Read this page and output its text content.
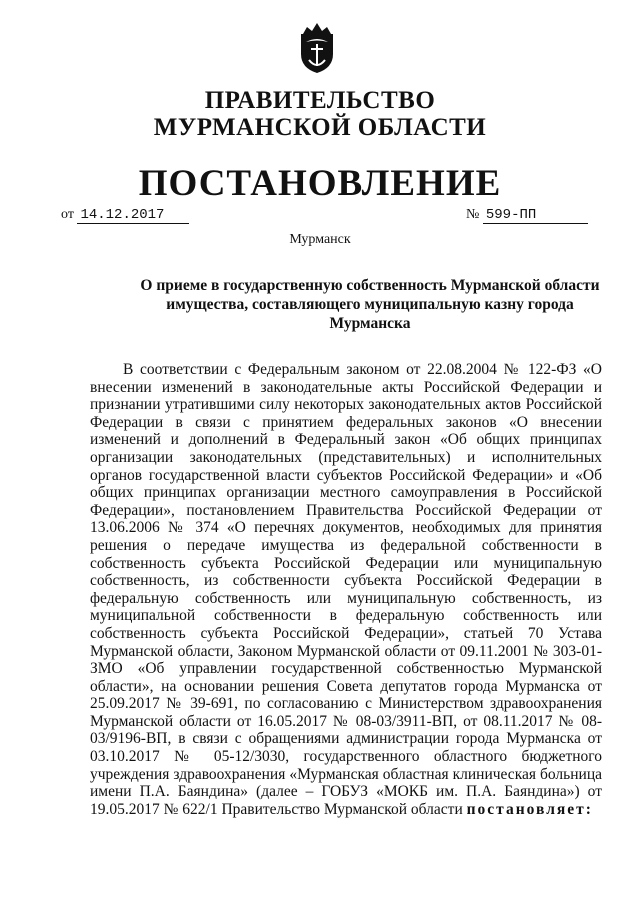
ПРАВИТЕЛЬСТВО
МУРМАНСКОЙ ОБЛАСТИ
ПОСТАНОВЛЕНИЕ
от 14.12.2017	№ 599-ПП
Мурманск
О приеме в государственную собственность Мурманской области имущества, составляющего муниципальную казну города Мурманска
В соответствии с Федеральным законом от 22.08.2004 № 122-ФЗ «О внесении изменений в законодательные акты Российской Федерации и признании утратившими силу некоторых законодательных актов Российской Федерации в связи с принятием федеральных законов «О внесении изменений и дополнений в Федеральный закон «Об общих принципах организации законодательных (представительных) и исполнительных органов государственной власти субъектов Российской Федерации» и «Об общих принципах организации местного самоуправления в Российской Федерации», постановлением Правительства Российской Федерации от 13.06.2006 № 374 «О перечнях документов, необходимых для принятия решения о передаче имущества из федеральной собственности в собственность субъекта Российской Федерации или муниципальную собственность, из собственности субъекта Российской Федерации в федеральную собственность или муниципальную собственность, из муниципальной собственности в федеральную собственность или собственность субъекта Российской Федерации», статьей 70 Устава Мурманской области, Законом Мурманской области от 09.11.2001 № 303-01-ЗМО «Об управлении государственной собственностью Мурманской области», на основании решения Совета депутатов города Мурманска от 25.09.2017 № 39-691, по согласованию с Министерством здравоохранения Мурманской области от 16.05.2017 № 08-03/3911-ВП, от 08.11.2017 № 08-03/9196-ВП, в связи с обращениями администрации города Мурманска от 03.10.2017 № 05-12/3030, государственного областного бюджетного учреждения здравоохранения «Мурманская областная клиническая больница имени П.А. Баяндина» (далее – ГОБУЗ «МОКБ им. П.А. Баяндина») от 19.05.2017 № 622/1 Правительство Мурманской области постановляет:
